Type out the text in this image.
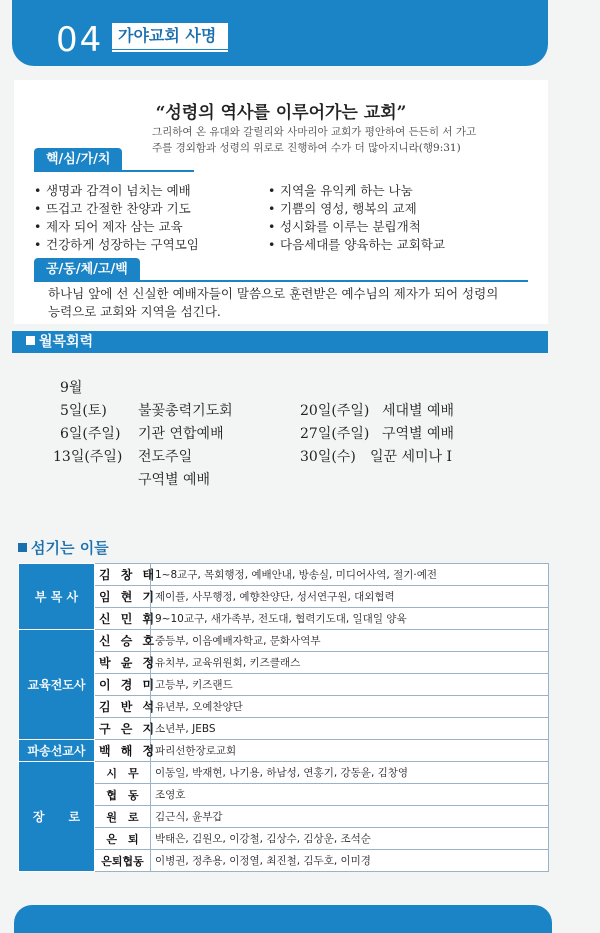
04 가야교회 사명
“성령의 역사를 이루어가는 교회”
그리하여 온 유대와 갈릴리와 사마리아 교회가 평안하여 든든히 서 가고
주를 경외함과 성령의 위로로 진행하여 수가 더 많아지니라(행9:31)
핵/심/가/치
• 생명과 감격이 넘치는 예배
• 뜨겁고 간절한 찬양과 기도
• 제자 되어 제자 삼는 교육
• 건강하게 성장하는 구역모임
• 지역을 유익케 하는 나눔
• 기쁨의 영성, 행복의 교제
• 성시화를 이루는 분립개척
• 다음세대를 양육하는 교회학교
공/동/체/고/백
하나님 앞에 선 신실한 예배자들이 말씀으로 훈련받은 예수님의 제자가 되어 성령의
능력으로 교회와 지역을 섬긴다.
월목회력
9월
5일(토) 불꽃총력기도회
6일(주일) 기관 연합예배
13일(주일) 전도주일
구역별 예배
20일(주일) 세대별 예배
27일(주일) 구역별 예배
30일(수) 일꾼 세미나 Ⅰ
섬기는 이들
부 목 사	김 창 태	1~8교구, 목회행정, 예배안내, 방송실, 미디어사역, 절기·예전
	임 현 기	제이플, 사무행정, 예향찬양단, 성서연구원, 대외협력
	신 민 휘	9~10교구, 새가족부, 전도대, 협력기도대, 일대일 양육
교육전도사	신 승 호	중등부, 이음예배자학교, 문화사역부
	박 윤 정	유치부, 교육위원회, 키즈클래스
	이 경 미	고등부, 키즈랜드
	김 반 석	유년부, 오예찬양단
	구 은 지	소년부, JEBS
파송선교사	백 해 정	파리선한장로교회
장　　로	시　무	이동일, 박재현, 나기용, 하남성, 연홍기, 강동윤, 김창영
	협　동	조영호
	원　로	김근식, 윤부갑
	은　퇴	박태은, 김원오, 이강철, 김상수, 김상운, 조석순
	은퇴협동	이병권, 정추용, 이정열, 최진철, 김두호, 이미경
